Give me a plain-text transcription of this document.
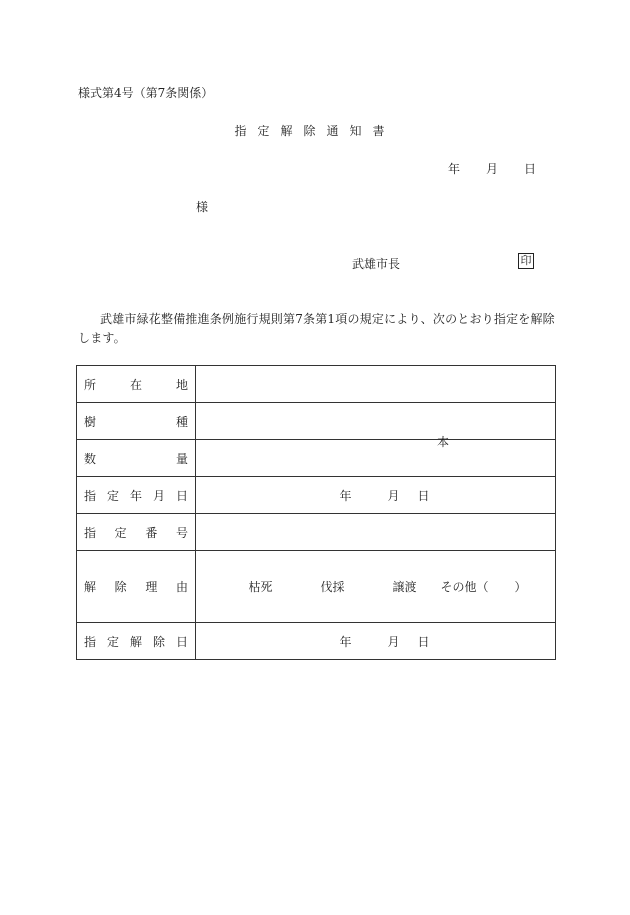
様式第4号（第7条関係）
指定解除通知書
年 月 日
様
武雄市長	印
武雄市緑花整備推進条例施行規則第7条第1項の規定により、次のとおり指定を解除します。
所在地	
樹種	
数量	本

指定年月日	年 月 日
指定番号	
解除理由	枯死 伐採 譲渡 その他（ ）
指定解除日	年 月 日
